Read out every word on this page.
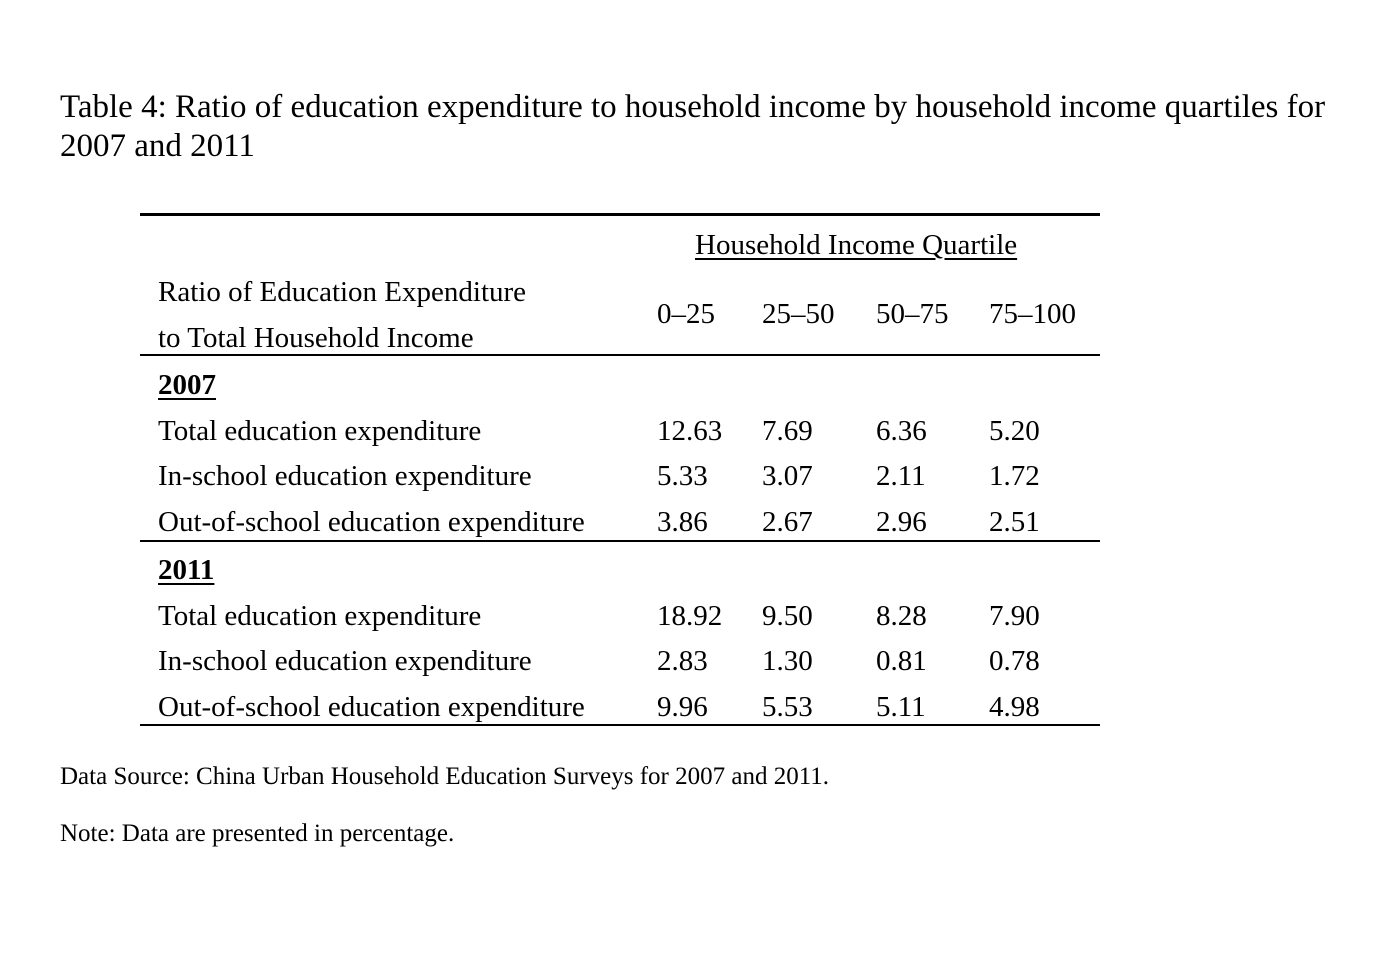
Table 4: Ratio of education expenditure to household income by household income quartiles for 2007 and 2011

Household Income Quartile
Ratio of Education Expenditure
to Total Household Income
0–25 25–50 50–75 75–100
2007
Total education expenditure	12.63 7.69 6.36 5.20
In-school education expenditure	5.33 3.07 2.11 1.72
Out-of-school education expenditure 3.86 2.67 2.96 2.51
2011
Total education expenditure	18.92 9.50 8.28 7.90
In-school education expenditure	2.83 1.30 0.81 0.78
Out-of-school education expenditure 9.96 5.53 5.11 4.98
Data Source: China Urban Household Education Surveys for 2007 and 2011.
Note: Data are presented in percentage.
